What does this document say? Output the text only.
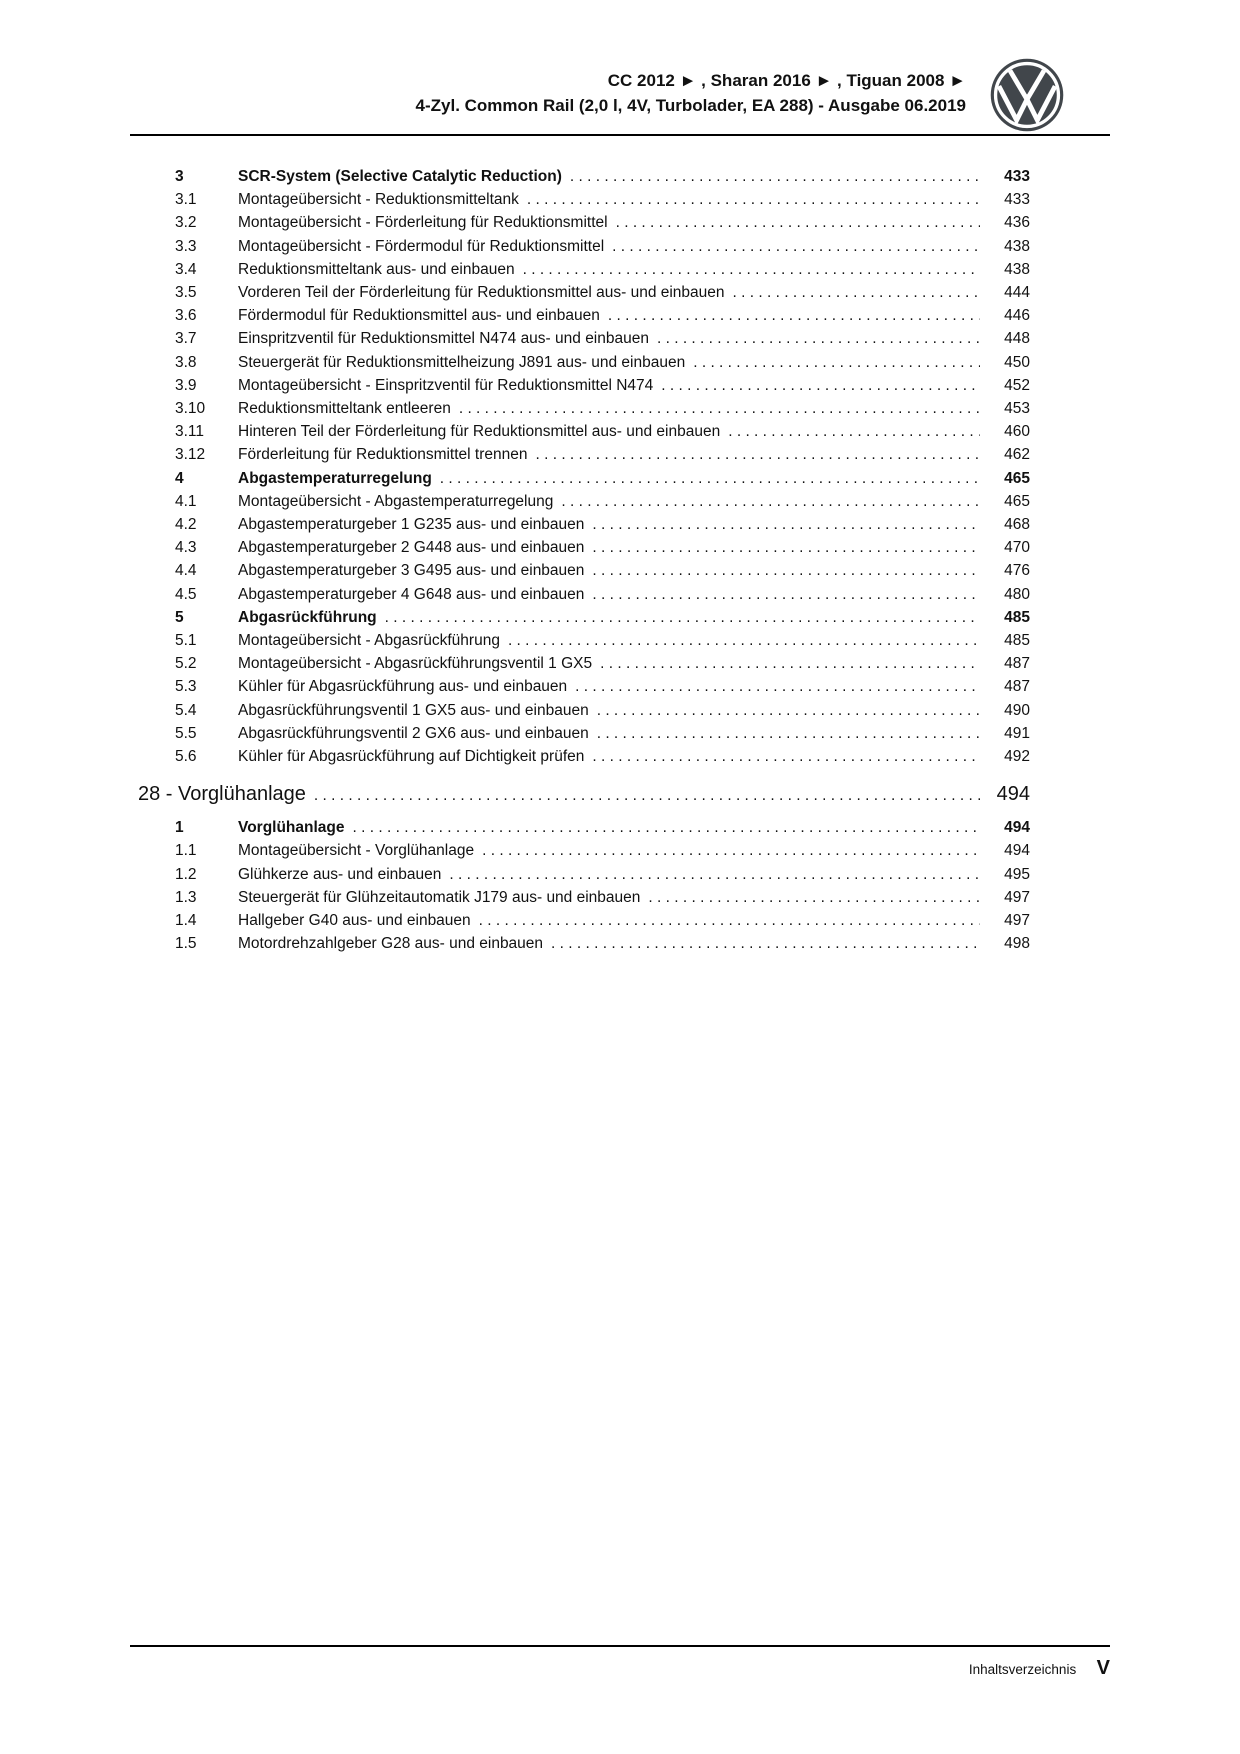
CC 2012 ► , Sharan 2016 ► , Tiguan 2008 ►
4-Zyl. Common Rail (2,0 l, 4V, Turbolader, EA 288) - Ausgabe 06.2019
3	SCR-System (Selective Catalytic Reduction) . . .	433
3.1	Montageübersicht - Reduktionsmitteltank . . .	433
3.2	Montageübersicht - Förderleitung für Reduktionsmittel . . .	436
3.3	Montageübersicht - Fördermodul für Reduktionsmittel . . .	438
3.4	Reduktionsmitteltank aus- und einbauen . . .	438
3.5	Vorderen Teil der Förderleitung für Reduktionsmittel aus- und einbauen . . .	444
3.6	Fördermodul für Reduktionsmittel aus- und einbauen . . .	446
3.7	Einspritzventil für Reduktionsmittel N474 aus- und einbauen . . .	448
3.8	Steuergerät für Reduktionsmittelheizung J891 aus- und einbauen . . .	450
3.9	Montageübersicht - Einspritzventil für Reduktionsmittel N474 . . .	452
3.10	Reduktionsmitteltank entleeren . . .	453
3.11	Hinteren Teil der Förderleitung für Reduktionsmittel aus- und einbauen . . .	460
3.12	Förderleitung für Reduktionsmittel trennen . . .	462
4	Abgastemperaturregelung . . .	465
4.1	Montageübersicht - Abgastemperaturregelung . . .	465
4.2	Abgastemperaturgeber 1 G235 aus- und einbauen . . .	468
4.3	Abgastemperaturgeber 2 G448 aus- und einbauen . . .	470
4.4	Abgastemperaturgeber 3 G495 aus- und einbauen . . .	476
4.5	Abgastemperaturgeber 4 G648 aus- und einbauen . . .	480
5	Abgasrückführung . . .	485
5.1	Montageübersicht - Abgasrückführung . . .	485
5.2	Montageübersicht - Abgasrückführungsventil 1 GX5 . . .	487
5.3	Kühler für Abgasrückführung aus- und einbauen . . .	487
5.4	Abgasrückführungsventil 1 GX5 aus- und einbauen . . .	490
5.5	Abgasrückführungsventil 2 GX6 aus- und einbauen . . .	491
5.6	Kühler für Abgasrückführung auf Dichtigkeit prüfen . . .	492
28 - Vorglühanlage . . .	494
1	Vorglühanlage . . .	494
1.1	Montageübersicht - Vorglühanlage . . .	494
1.2	Glühkerze aus- und einbauen . . .	495
1.3	Steuergerät für Glühzeitautomatik J179 aus- und einbauen . . .	497
1.4	Hallgeber G40 aus- und einbauen . . .	497
1.5	Motordrehzahlgeber G28 aus- und einbauen . . .	498
Inhaltsverzeichnis V
